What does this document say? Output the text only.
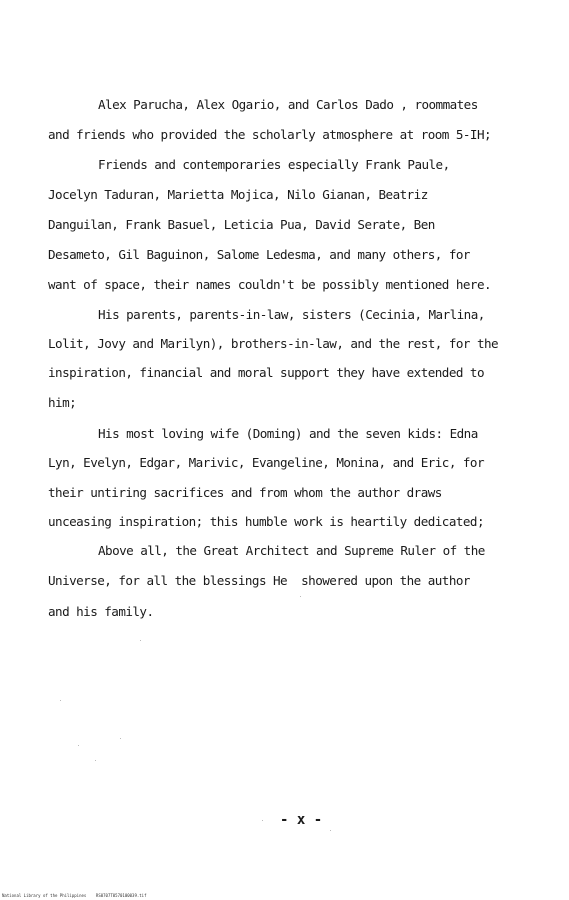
Alex Parucha, Alex Ogario, and Carlos Dado , roommates
and friends who provided the scholarly atmosphere at room 5-IH;
Friends and contemporaries especially Frank Paule,
Jocelyn Taduran, Marietta Mojica, Nilo Gianan, Beatriz
Danguilan, Frank Basuel, Leticia Pua, David Serate, Ben
Desameto, Gil Baguinon, Salome Ledesma, and many others, for
want of space, their names couldn't be possibly mentioned here.
His parents, parents-in-law, sisters (Cecinia, Marlina,
Lolit, Jovy and Marilyn), brothers-in-law, and the rest, for the
inspiration, financial and moral support they have extended to
him;
His most loving wife (Doming) and the seven kids: Edna
Lyn, Evelyn, Edgar, Marivic, Evangeline, Monina, and Eric, for
their untiring sacrifices and from whom the author draws
unceasing inspiration; this humble work is heartily dedicated;
Above all, the Great Architect and Supreme Ruler of the
Universe, for all the blessings He  showered upon the author
and his family.
- x -
National Library of the Philippines    RS0707T0570100039.tif
